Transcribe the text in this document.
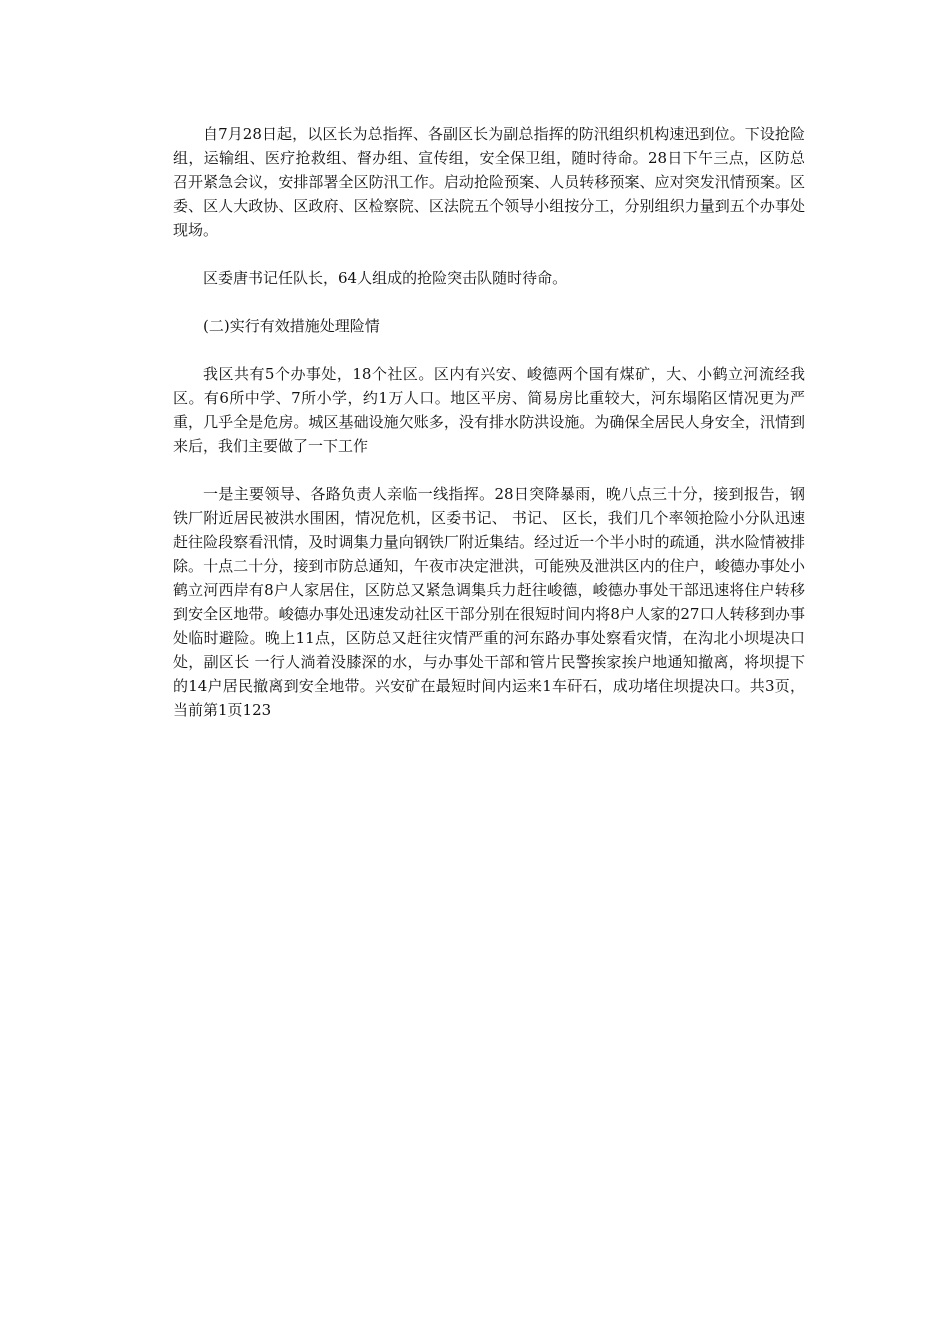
自7月28日起，以区长为总指挥、各副区长为副总指挥的防汛组织机构速迅到位。下设抢险组，运输组、医疗抢救组、督办组、宣传组，安全保卫组，随时待命。28日下午三点，区防总召开紧急会议，安排部署全区防汛工作。启动抢险预案、人员转移预案、应对突发汛情预案。区委、区人大政协、区政府、区检察院、区法院五个领导小组按分工，分别组织力量到五个办事处现场。

区委唐书记任队长，64人组成的抢险突击队随时待命。

(二)实行有效措施处理险情

我区共有5个办事处，18个社区。区内有兴安、峻德两个国有煤矿，大、小鹤立河流经我区。有6所中学、7所小学，约1万人口。地区平房、简易房比重较大，河东塌陷区情况更为严重，几乎全是危房。城区基础设施欠账多，没有排水防洪设施。为确保全居民人身安全，汛情到来后，我们主要做了一下工作

一是主要领导、各路负责人亲临一线指挥。28日突降暴雨，晚八点三十分，接到报告，钢铁厂附近居民被洪水围困，情况危机，区委书记、 书记、 区长，我们几个率领抢险小分队迅速赶往险段察看汛情，及时调集力量向钢铁厂附近集结。经过近一个半小时的疏通，洪水险情被排除。十点二十分，接到市防总通知，午夜市决定泄洪，可能殃及泄洪区内的住户，峻德办事处小鹤立河西岸有8户人家居住，区防总又紧急调集兵力赶往峻德，峻德办事处干部迅速将住户转移到安全区地带。峻德办事处迅速发动社区干部分别在很短时间内将8户人家的27口人转移到办事处临时避险。晚上11点，区防总又赶往灾情严重的河东路办事处察看灾情，在沟北小坝堤决口处，副区长 一行人淌着没膝深的水，与办事处干部和管片民警挨家挨户地通知撤离，将坝提下的14户居民撤离到安全地带。兴安矿在最短时间内运来1车矸石，成功堵住坝提决口。共3页，当前第1页123
